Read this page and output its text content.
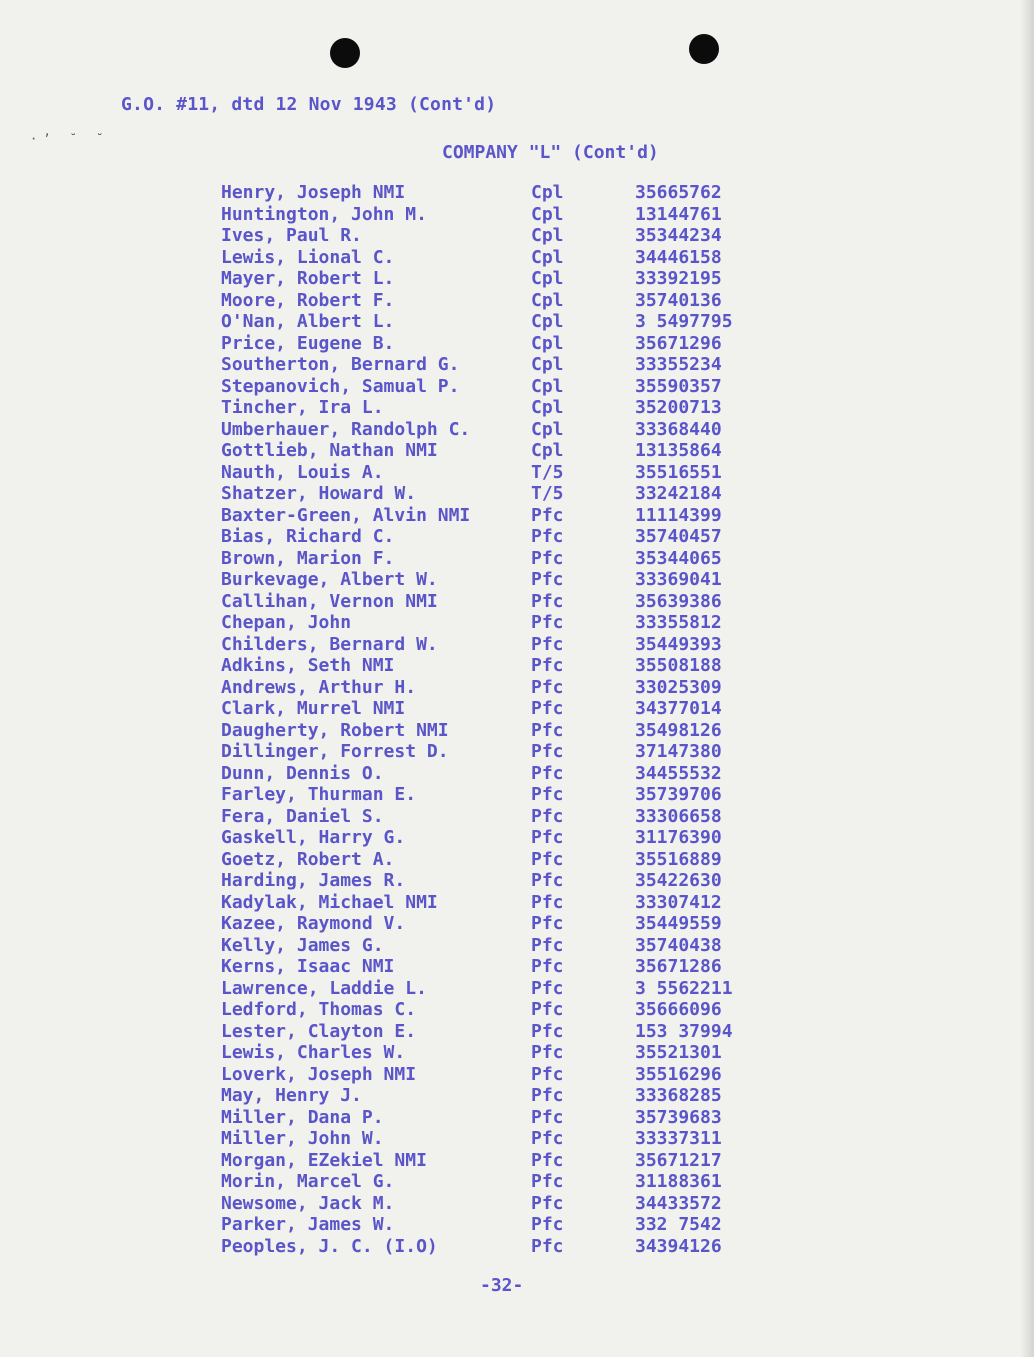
·ʼ ˘ ˘
G.O. #11, dtd 12 Nov 1943 (Cont'd)
COMPANY "L" (Cont'd)
Henry, Joseph NMI	Cpl	35665762
Huntington, John M.	Cpl	13144761
Ives, Paul R.	Cpl	35344234
Lewis, Lional C.	Cpl	34446158
Mayer, Robert L.	Cpl	33392195
Moore, Robert F.	Cpl	35740136
O'Nan, Albert L.	Cpl	3 5497795
Price, Eugene B.	Cpl	35671296
Southerton, Bernard G.	Cpl	33355234
Stepanovich, Samual P.	Cpl	35590357
Tincher, Ira L.	Cpl	35200713
Umberhauer, Randolph C.	Cpl	33368440
Gottlieb, Nathan NMI	Cpl	13135864
Nauth, Louis A.	T/5	35516551
Shatzer, Howard W.	T/5	33242184
Baxter-Green, Alvin NMI	Pfc	11114399
Bias, Richard C.	Pfc	35740457
Brown, Marion F.	Pfc	35344065
Burkevage, Albert W.	Pfc	33369041
Callihan, Vernon NMI	Pfc	35639386
Chepan, John	Pfc	33355812
Childers, Bernard W.	Pfc	35449393
Adkins, Seth NMI	Pfc	35508188
Andrews, Arthur H.	Pfc	33025309
Clark, Murrel NMI	Pfc	34377014
Daugherty, Robert NMI	Pfc	35498126
Dillinger, Forrest D.	Pfc	37147380
Dunn, Dennis O.	Pfc	34455532
Farley, Thurman E.	Pfc	35739706
Fera, Daniel S.	Pfc	33306658
Gaskell, Harry G.	Pfc	31176390
Goetz, Robert A.	Pfc	35516889
Harding, James R.	Pfc	35422630
Kadylak, Michael NMI	Pfc	33307412
Kazee, Raymond V.	Pfc	35449559
Kelly, James G.	Pfc	35740438
Kerns, Isaac NMI	Pfc	35671286
Lawrence, Laddie L.	Pfc	3 5562211
Ledford, Thomas C.	Pfc	35666096
Lester, Clayton E.	Pfc	153 37994
Lewis, Charles W.	Pfc	35521301
Loverk, Joseph NMI	Pfc	35516296
May, Henry J.	Pfc	33368285
Miller, Dana P.	Pfc	35739683
Miller, John W.	Pfc	33337311
Morgan, EZekiel NMI	Pfc	35671217
Morin, Marcel G.	Pfc	31188361
Newsome, Jack M.	Pfc	34433572
Parker, James W.	Pfc	332 7542
Peoples, J. C. (I.O)	Pfc	34394126
-32-
